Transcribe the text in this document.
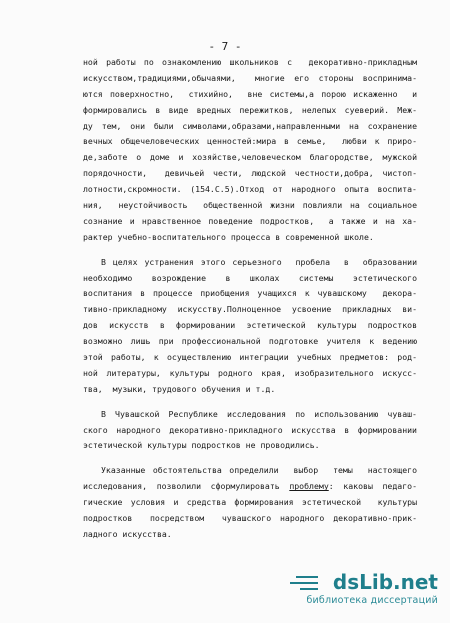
- 7 -
ной работы по ознакомлению школьников с  декоративно-прикладным
искусством,традициями,обычаями,  многие его стороны воспринима-
ются поверхностно,  стихийно,  вне системы,а порою искаженно  и
формировались в виде вредных пережитков, нелепых суеверий. Меж-
ду тем, они были символами,образами,направленными на сохранение
вечных общечеловеческих ценностей:мира в семье,  любви к приро-
де,заботе о доме и хозяйстве,человеческом благородстве, мужской
порядочности,  девичьей чести, людской честности,добра, чистоп-
лотности,скромности. (154.С.5).Отход от народного опыта воспита-
ния,  неустойчивость  общественной жизни повлияли на социальное
сознание и нравственное поведение подростков,  а также и на ха-
рактер учебно-воспитательного процесса в современной школе.
В целях устранения этого серьезного  пробела  в  образовании
необходимо  возрождение  в  школах  системы  эстетического
воспитания в процессе приобщения учащихся к чувашскому  декора-
тивно-прикладному искусству.Полноценное усвоение прикладных ви-
дов искусств в формировании эстетической культуры подростков
возможно лишь при профессиональной подготовке учителя к ведению
этой работы, к осуществлению интеграции учебных предметов: род-
ной литературы, культуры родного края, изобразительного искусс-
тва,  музыки, трудового обучения и т.д.
В Чувашской Республике исследования по использованию чуваш-
ского народного декоративно-прикладного искусства в формировании
эстетической культуры подростков не проводились.
Указанные обстоятельства определили  выбор  темы  настоящего
исследования, позволили сформулировать проблему: каковы педаго-
гические условия и средства формирования эстетической  культуры
подростков  посредством  чувашского народного декоративно-прик-
ладного искусства.
dsLib.net
библиотека диссертаций
